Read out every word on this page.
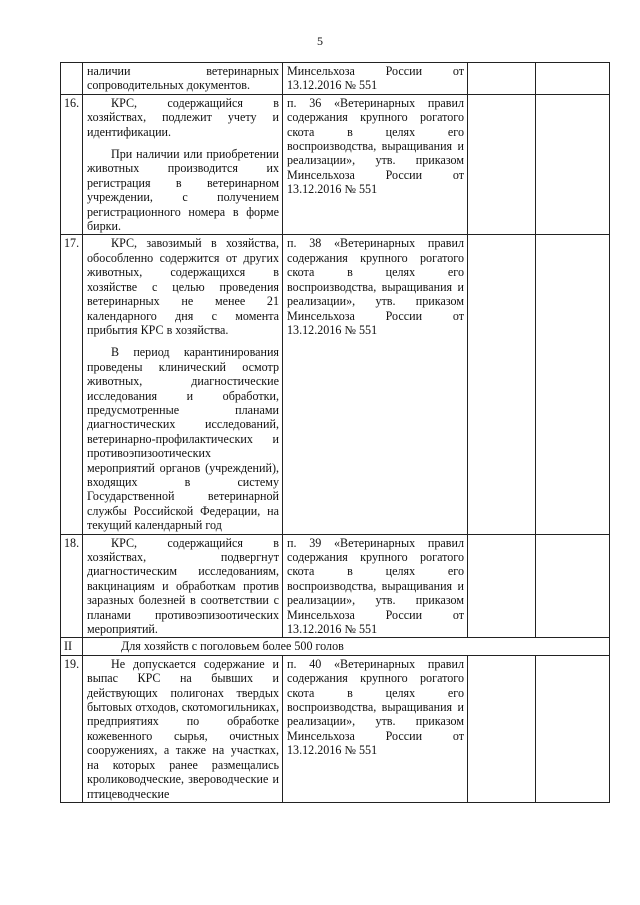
5

	наличии ветеринарных сопроводительных документов.	Минсельхоза России от 13.12.2016 № 551		
16.	КРС, содержащийся в хозяйствах, подлежит учету и идентификации.

При наличии или приобретении животных производится их регистрация в ветеринарном учреждении, с получением регистрационного номера в форме бирки.	п. 36 «Ветеринарных правил содержания крупного рогатого скота в целях его воспроизводства, выращивания и реализации», утв. приказом Минсельхоза России от 13.12.2016 № 551		
17.	КРС, завозимый в хозяйства, обособленно содержится от других животных, содержащихся в хозяйстве с целью проведения ветеринарных не менее 21 календарного дня с момента прибытия КРС в хозяйства.

В период карантинирования проведены клинический осмотр животных, диагностические исследования и обработки, предусмотренные планами диагностических исследований, ветеринарно-профилактических и противоэпизоотических мероприятий органов (учреждений), входящих в систему Государственной ветеринарной службы Российской Федерации, на текущий календарный год	п. 38 «Ветеринарных правил содержания крупного рогатого скота в целях его воспроизводства, выращивания и реализации», утв. приказом Минсельхоза России от 13.12.2016 № 551		
18.	КРС, содержащийся в хозяйствах, подвергнут диагностическим исследованиям, вакцинациям и обработкам против заразных болезней в соответствии с планами противоэпизоотических мероприятий.	п. 39 «Ветеринарных правил содержания крупного рогатого скота в целях его воспроизводства, выращивания и реализации», утв. приказом Минсельхоза России от 13.12.2016 № 551		
II	Для хозяйств с поголовьем более 500 голов			
19.	Не допускается содержание и выпас КРС на бывших и действующих полигонах твердых бытовых отходов, скотомогильниках, предприятиях по обработке кожевенного сырья, очистных сооружениях, а также на участках, на которых ранее размещались кролиководческие, звероводческие и птицеводческие	п. 40 «Ветеринарных правил содержания крупного рогатого скота в целях его воспроизводства, выращивания и реализации», утв. приказом Минсельхоза России от 13.12.2016 № 551		
